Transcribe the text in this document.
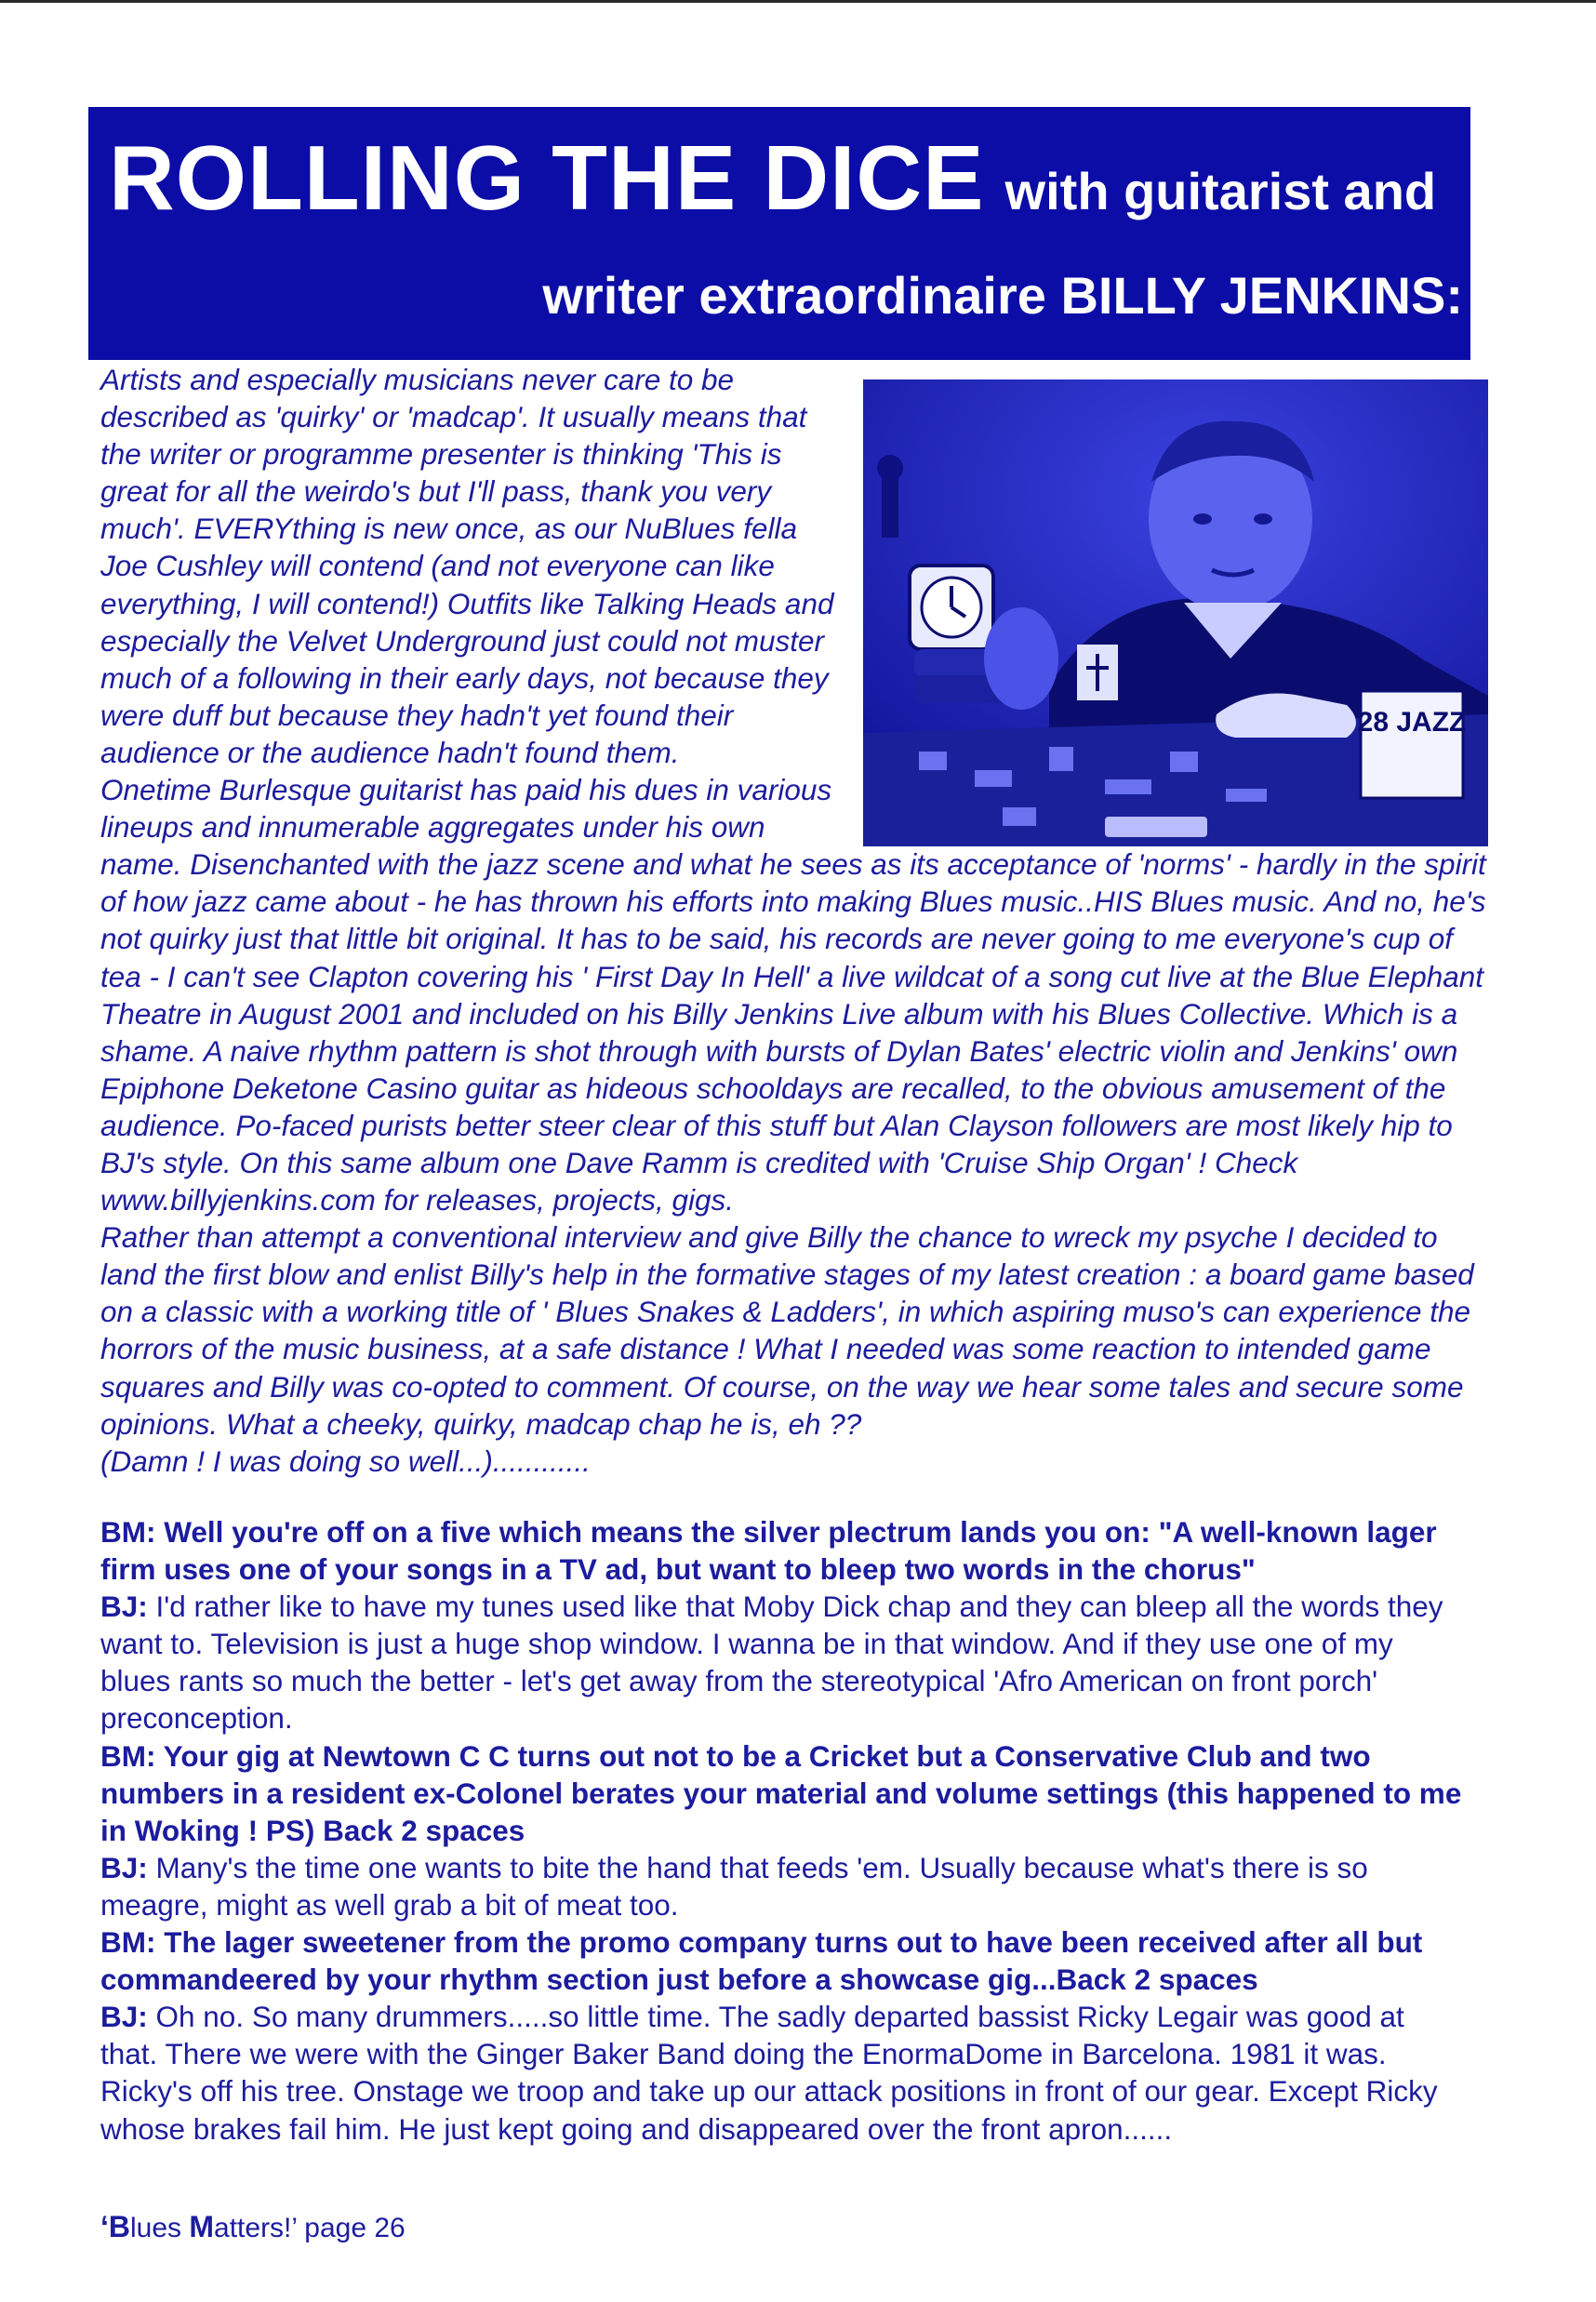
ROLLING THE DICE with guitarist and
writer extraordinaire BILLY JENKINS:
28 JAZZ

Artists and especially musicians never care to be described as 'quirky' or 'madcap'. It usually means that the writer or programme presenter is thinking 'This is great for all the weirdo's but I'll pass, thank you very much'. EVERYthing is new once, as our NuBlues fella Joe Cushley will contend (and not everyone can like everything, I will contend!) Outfits like Talking Heads and especially the Velvet Underground just could not muster much of a following in their early days, not because they were duff but because they hadn't yet found their audience or the audience hadn't found them.

Onetime Burlesque guitarist has paid his dues in various lineups and innumerable aggregates under his own name. Disenchanted with the jazz scene and what he sees as its acceptance of 'norms' - hardly in the spirit of how jazz came about - he has thrown his efforts into making Blues music..HIS Blues music. And no, he's not quirky just that little bit original. It has to be said, his records are never going to me everyone's cup of tea - I can't see Clapton covering his ' First Day In Hell' a live wildcat of a song cut live at the Blue Elephant Theatre in August 2001 and included on his Billy Jenkins Live album with his Blues Collective. Which is a shame. A naive rhythm pattern is shot through with bursts of Dylan Bates' electric violin and Jenkins' own Epiphone Deketone Casino guitar as hideous schooldays are recalled, to the obvious amusement of the audience. Po-faced purists better steer clear of this stuff but Alan Clayson followers are most likely hip to BJ's style. On this same album one Dave Ramm is credited with 'Cruise Ship Organ' ! Check www.billyjenkins.com for releases, projects, gigs.

Rather than attempt a conventional interview and give Billy the chance to wreck my psyche I decided to land the first blow and enlist Billy's help in the formative stages of my latest creation : a board game based on a classic with a working title of ' Blues Snakes & Ladders', in which aspiring muso's can experience the horrors of the music business, at a safe distance ! What I needed was some reaction to intended game squares and Billy was co-opted to comment. Of course, on the way we hear some tales and secure some opinions. What a cheeky, quirky, madcap chap he is, eh ??

(Damn ! I was doing so well...)............

BM: Well you're off on a five which means the silver plectrum lands you on: "A well-known lager firm uses one of your songs in a TV ad, but want to bleep two words in the chorus"

BJ: I'd rather like to have my tunes used like that Moby Dick chap and they can bleep all the words they want to. Television is just a huge shop window. I wanna be in that window. And if they use one of my blues rants so much the better - let's get away from the stereotypical 'Afro American on front porch' preconception.

BM: Your gig at Newtown C C turns out not to be a Cricket but a Conservative Club and two numbers in a resident ex-Colonel berates your material and volume settings (this happened to me in Woking ! PS) Back 2 spaces

BJ: Many's the time one wants to bite the hand that feeds 'em. Usually because what's there is so meagre, might as well grab a bit of meat too.

BM: The lager sweetener from the promo company turns out to have been received after all but commandeered by your rhythm section just before a showcase gig...Back 2 spaces

BJ: Oh no. So many drummers.....so little time. The sadly departed bassist Ricky Legair was good at that. There we were with the Ginger Baker Band doing the EnormaDome in Barcelona. 1981 it was. Ricky's off his tree. Onstage we troop and take up our attack positions in front of our gear. Except Ricky whose brakes fail him. He just kept going and disappeared over the front apron......

‘Blues Matters!’ page 26
